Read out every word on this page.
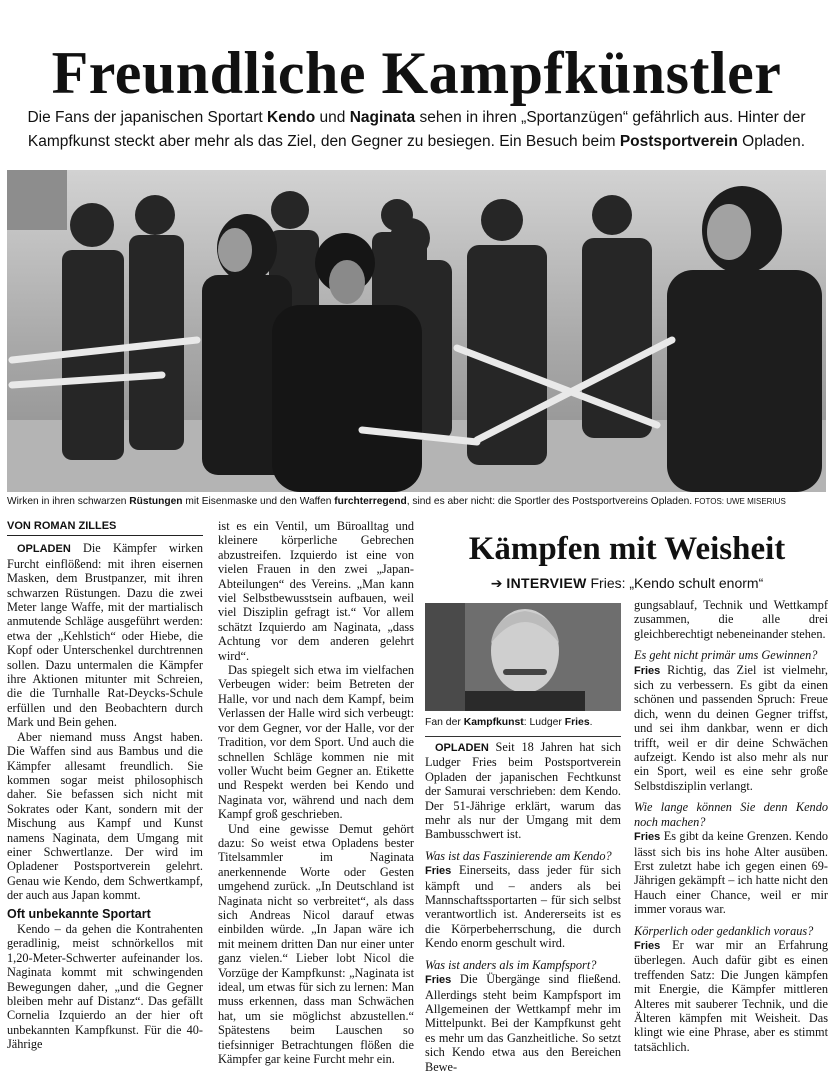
Freundliche Kampfkünstler

Die Fans der japanischen Sportart Kendo und Naginata sehen in ihren „Sportanzügen“ gefährlich aus. Hinter der Kampfkunst steckt aber mehr als das Ziel, den Gegner zu besiegen. Ein Besuch beim Postsportverein Opladen.

Wirken in ihren schwarzen Rüstungen mit Eisenmaske und den Waffen furchterregend, sind es aber nicht: die Sportler des Postsportvereins Opladen. FOTOS: UWE MISERIUS

VON ROMAN ZILLES

OPLADEN Die Kämpfer wirken Furcht einflößend: mit ihren eisernen Masken, dem Brustpanzer, mit ihren schwarzen Rüstungen. Dazu die zwei Meter lange Waffe, mit der martialisch anmutende Schläge ausgeführt werden: etwa der „Kehlstich“ oder Hiebe, die Kopf oder Unterschenkel durchtrennen sollen. Dazu untermalen die Kämpfer ihre Aktionen mitunter mit Schreien, die die Turnhalle Rat-Deycks-Schule erfüllen und den Beobachtern durch Mark und Bein gehen.

Aber niemand muss Angst haben. Die Waffen sind aus Bambus und die Kämpfer allesamt freundlich. Sie kommen sogar meist philosophisch daher. Sie befassen sich nicht mit Sokrates oder Kant, sondern mit der Mischung aus Kampf und Kunst namens Naginata, dem Umgang mit einer Schwertlanze. Der wird im Opladener Postsportverein gelehrt. Genau wie Kendo, dem Schwertkampf, der auch aus Japan kommt.

Oft unbekannte Sportart

Kendo – da gehen die Kontrahenten geradlinig, meist schnörkellos mit 1,20-Meter-Schwerter aufeinander los. Naginata kommt mit schwingenden Bewegungen daher, „und die Gegner bleiben mehr auf Distanz“. Das gefällt Cornelia Izquierdo an der hier oft unbekannten Kampfkunst. Für die 40-Jährige

ist es ein Ventil, um Büroalltag und kleinere körperliche Gebrechen abzustreifen. Izquierdo ist eine von vielen Frauen in den zwei „Japan-Abteilungen“ des Vereins. „Man kann viel Selbstbewusstsein aufbauen, weil viel Disziplin gefragt ist.“ Vor allem schätzt Izquierdo am Naginata, „dass Achtung vor dem anderen gelehrt wird“.

Das spiegelt sich etwa im vielfachen Verbeugen wider: beim Betreten der Halle, vor und nach dem Kampf, beim Verlassen der Halle wird sich verbeugt: vor dem Gegner, vor der Halle, vor der Tradition, vor dem Sport. Und auch die schnellen Schläge kommen nie mit voller Wucht beim Gegner an. Etikette und Respekt werden bei Kendo und Naginata vor, während und nach dem Kampf groß geschrieben.

Und eine gewisse Demut gehört dazu: So weist etwa Opladens bester Titelsammler im Naginata anerkennende Worte oder Gesten umgehend zurück. „In Deutschland ist Naginata nicht so verbreitet“, als dass sich Andreas Nicol darauf etwas einbilden würde. „In Japan wäre ich mit meinem dritten Dan nur einer unter ganz vielen.“ Lieber lobt Nicol die Vorzüge der Kampfkunst: „Naginata ist ideal, um etwas für sich zu lernen: Man muss erkennen, dass man Schwächen hat, um sie möglichst abzustellen.“ Spätestens beim Lauschen so tiefsinniger Betrachtungen flößen die Kämpfer gar keine Furcht mehr ein.

Kämpfen mit Weisheit

➔ INTERVIEW Fries: „Kendo schult enorm“

Fan der Kampfkunst: Ludger Fries.

OPLADEN Seit 18 Jahren hat sich Ludger Fries beim Postsportverein Opladen der japanischen Fechtkunst der Samurai verschrieben: dem Kendo. Der 51-Jährige erklärt, warum das mehr als nur der Umgang mit dem Bambusschwert ist.

Was ist das Faszinierende am Kendo?

Fries Einerseits, dass jeder für sich kämpft und – anders als bei Mannschaftssportarten – für sich selbst verantwortlich ist. Andererseits ist es die Körperbeherrschung, die durch Kendo enorm geschult wird.

Was ist anders als im Kampfsport?

Fries Die Übergänge sind fließend. Allerdings steht beim Kampfsport im Allgemeinen der Wettkampf mehr im Mittelpunkt. Bei der Kampfkunst geht es mehr um das Ganzheitliche. So setzt sich Kendo etwa aus den Bereichen Bewe-

gungsablauf, Technik und Wettkampf zusammen, die alle drei gleichberechtigt nebeneinander stehen.

Es geht nicht primär ums Gewinnen?

Fries Richtig, das Ziel ist vielmehr, sich zu verbessern. Es gibt da einen schönen und passenden Spruch: Freue dich, wenn du deinen Gegner triffst, und sei ihm dankbar, wenn er dich trifft, weil er dir deine Schwächen aufzeigt. Kendo ist also mehr als nur ein Sport, weil es eine sehr große Selbstdisziplin verlangt.

Wie lange können Sie denn Kendo noch machen?

Fries Es gibt da keine Grenzen. Kendo lässt sich bis ins hohe Alter ausüben. Erst zuletzt habe ich gegen einen 69-Jährigen gekämpft – ich hatte nicht den Hauch einer Chance, weil er mir immer voraus war.

Körperlich oder gedanklich voraus?

Fries Er war mir an Erfahrung überlegen. Auch dafür gibt es einen treffenden Satz: Die Jungen kämpfen mit Energie, die Kämpfer mittleren Alteres mit sauberer Technik, und die Älteren kämpfen mit Weisheit. Das klingt wie eine Phrase, aber es stimmt tatsächlich.
